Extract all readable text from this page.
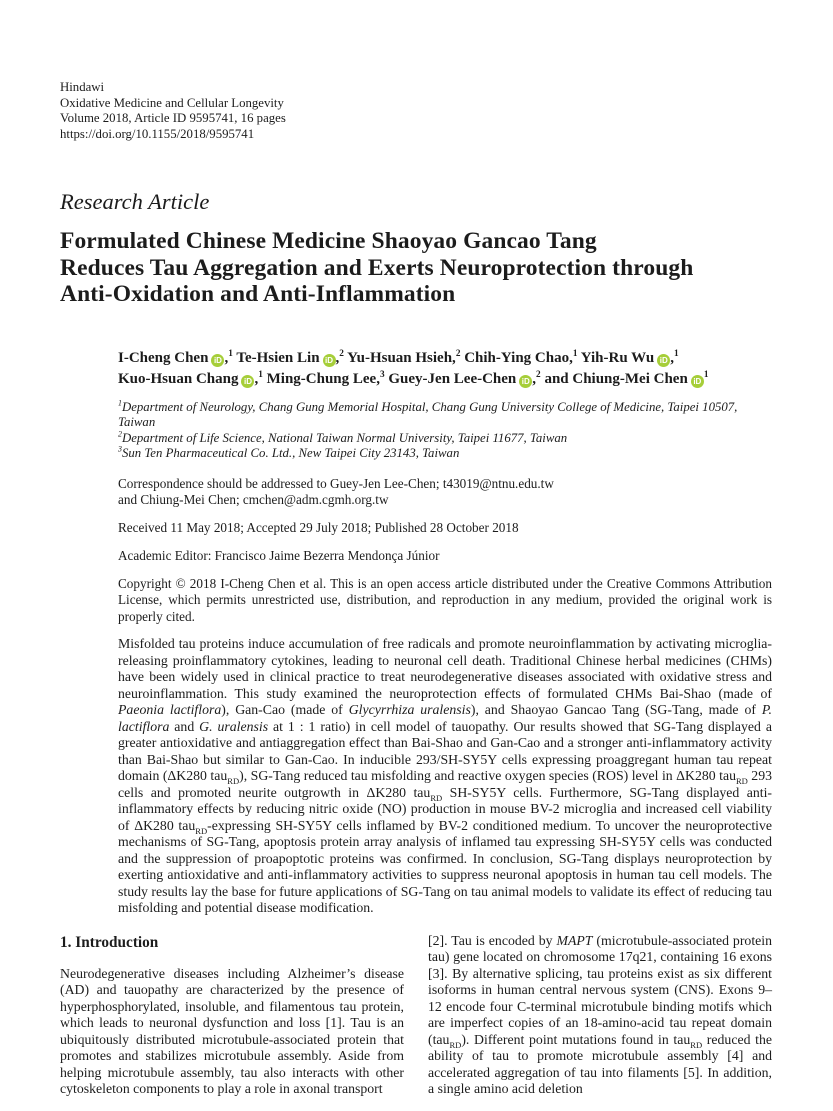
Hindawi
Oxidative Medicine and Cellular Longevity
Volume 2018, Article ID 9595741, 16 pages
https://doi.org/10.1155/2018/9595741
Research Article
Formulated Chinese Medicine Shaoyao Gancao Tang
Reduces Tau Aggregation and Exerts Neuroprotection through
Anti-Oxidation and Anti-Inflammation
I-Cheng Chen iD ,$^1$ Te-Hsien Lin iD ,$^2$ Yu-Hsuan Hsieh,$^2$ Chih-Ying Chao,$^1$ Yih-Ru Wu iD ,$^1$
Kuo-Hsuan Chang iD ,$^1$ Ming-Chung Lee,$^3$ Guey-Jen Lee-Chen iD ,$^2$ and Chiung-Mei Chen $iD^1$
$^1$Department of Neurology, Chang Gung Memorial Hospital, Chang Gung University College of Medicine, Taipei 10507, Taiwan
$^2$Department of Life Science, National Taiwan Normal University, Taipei 11677, Taiwan
$^3$Sun Ten Pharmaceutical Co. Ltd., New Taipei City 23143, Taiwan
Correspondence should be addressed to Guey-Jen Lee-Chen; t43019@ntnu.edu.tw
and Chiung-Mei Chen; cmchen@adm.cgmh.org.tw
Received 11 May 2018; Accepted 29 July 2018; Published 28 October 2018
Academic Editor: Francisco Jaime Bezerra Mendonça Júnior
Copyright © 2018 I-Cheng Chen et al. This is an open access article distributed under the Creative Commons Attribution License, which permits unrestricted use, distribution, and reproduction in any medium, provided the original work is properly cited.
Misfolded tau proteins induce accumulation of free radicals and promote neuroinflammation by activating microglia-releasing proinflammatory cytokines, leading to neuronal cell death. Traditional Chinese herbal medicines (CHMs) have been widely used in clinical practice to treat neurodegenerative diseases associated with oxidative stress and neuroinflammation. This study examined the neuroprotection effects of formulated CHMs Bai-Shao (made of Paeonia lactiflora), Gan-Cao (made of Glycyrrhiza uralensis), and Shaoyao Gancao Tang (SG-Tang, made of P. lactiflora and G. uralensis at 1 : 1 ratio) in cell model of tauopathy. Our results showed that SG-Tang displayed a greater antioxidative and antiaggregation effect than Bai-Shao and Gan-Cao and a stronger anti-inflammatory activity than Bai-Shao but similar to Gan-Cao. In inducible 293/SH-SY5Y cells expressing proaggregant human tau repeat domain (ΔK280 tau$_{RD}$), SG-Tang reduced tau misfolding and reactive oxygen species (ROS) level in ΔK280 tau$_{RD}$ 293 cells and promoted neurite outgrowth in ΔK280 tau$_{RD}$ SH-SY5Y cells. Furthermore, SG-Tang displayed anti-inflammatory effects by reducing nitric oxide (NO) production in mouse BV-2 microglia and increased cell viability of ΔK280 tau$_{RD}$-expressing SH-SY5Y cells inflamed by BV-2 conditioned medium. To uncover the neuroprotective mechanisms of SG-Tang, apoptosis protein array analysis of inflamed tau expressing SH-SY5Y cells was conducted and the suppression of proapoptotic proteins was confirmed. In conclusion, SG-Tang displays neuroprotection by exerting antioxidative and anti-inflammatory activities to suppress neuronal apoptosis in human tau cell models. The study results lay the base for future applications of SG-Tang on tau animal models to validate its effect of reducing tau misfolding and potential disease modification.
1. Introduction
Neurodegenerative diseases including Alzheimer’s disease (AD) and tauopathy are characterized by the presence of hyperphosphorylated, insoluble, and filamentous tau protein, which leads to neuronal dysfunction and loss [1]. Tau is an ubiquitously distributed microtubule-associated protein that promotes and stabilizes microtubule assembly. Aside from helping microtubule assembly, tau also interacts with other cytoskeleton components to play a role in axonal transport
[2]. Tau is encoded by MAPT (microtubule-associated protein tau) gene located on chromosome 17q21, containing 16 exons [3]. By alternative splicing, tau proteins exist as six different isoforms in human central nervous system (CNS). Exons 9–12 encode four C-terminal microtubule binding motifs which are imperfect copies of an 18-amino-acid tau repeat domain (tau$_{RD}$). Different point mutations found in tau$_{RD}$ reduced the ability of tau to promote microtubule assembly [4] and accelerated aggregation of tau into filaments [5]. In addition, a single amino acid deletion
